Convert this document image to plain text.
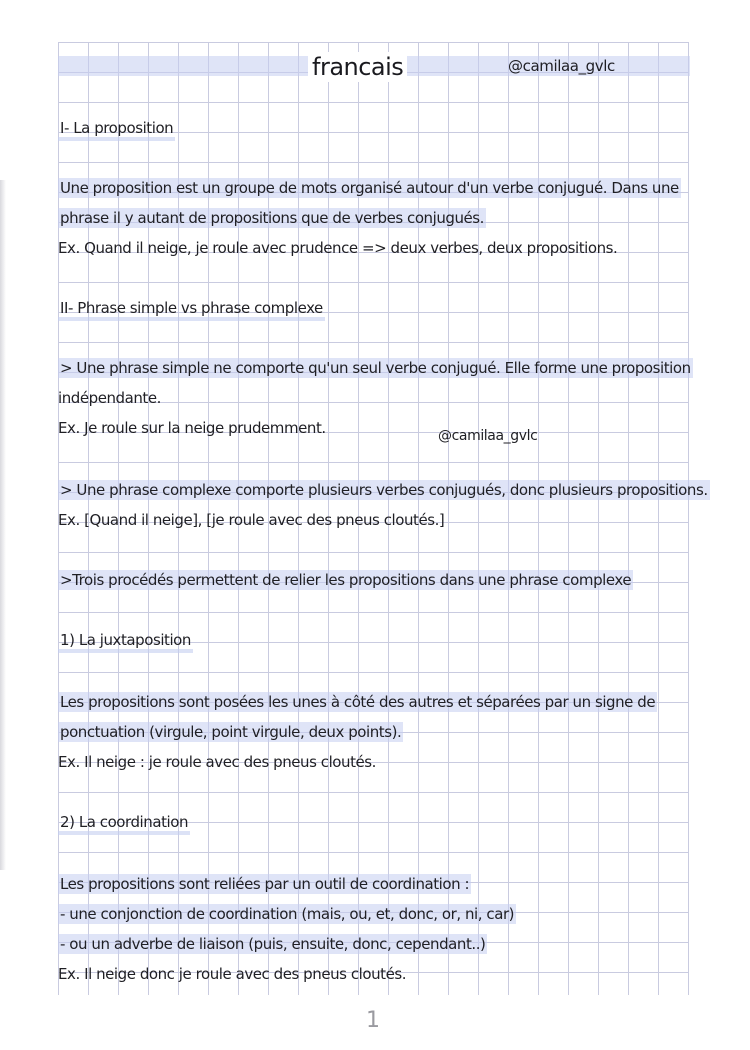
francais	@camilaa_gvlc
I- La proposition
Une proposition est un groupe de mots organisé autour d'un verbe conjugué. Dans une
phrase il y autant de propositions que de verbes conjugués.
Ex. Quand il neige, je roule avec prudence => deux verbes, deux propositions.
II- Phrase simple vs phrase complexe
> Une phrase simple ne comporte qu'un seul verbe conjugué. Elle forme une proposition
indépendante.
Ex. Je roule sur la neige prudemment.	@camilaa_gvlc
> Une phrase complexe comporte plusieurs verbes conjugués, donc plusieurs propositions.
Ex. [Quand il neige], [je roule avec des pneus cloutés.]
>Trois procédés permettent de relier les propositions dans une phrase complexe
1) La juxtaposition
Les propositions sont posées les unes à côté des autres et séparées par un signe de
ponctuation (virgule, point virgule, deux points).
Ex. Il neige : je roule avec des pneus cloutés.
2) La coordination
Les propositions sont reliées par un outil de coordination :
- une conjonction de coordination (mais, ou, et, donc, or, ni, car)
- ou un adverbe de liaison (puis, ensuite, donc, cependant..)
Ex. Il neige donc je roule avec des pneus cloutés.
1
